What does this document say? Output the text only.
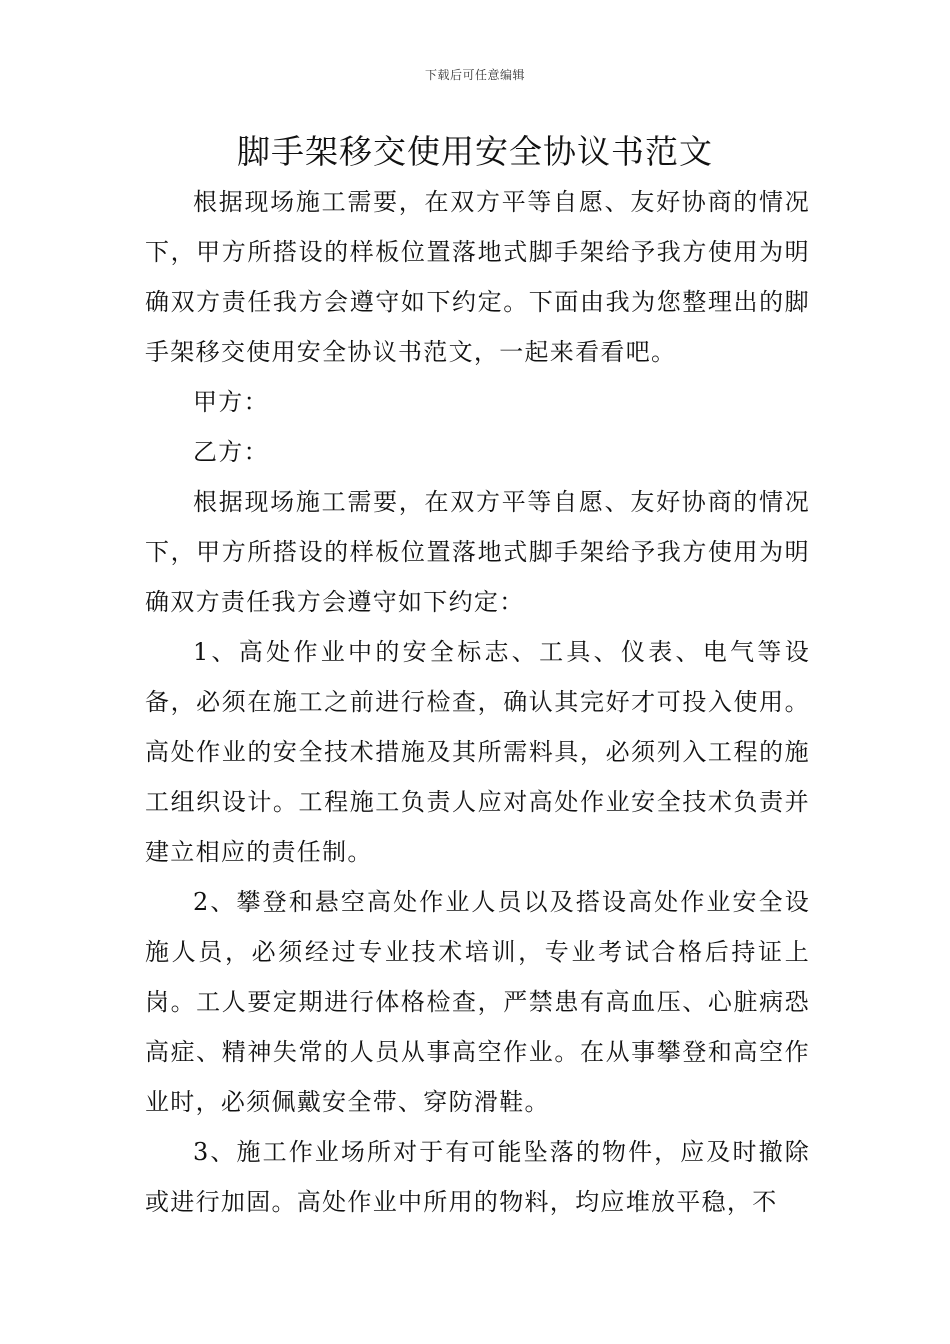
下载后可任意编辑
脚手架移交使用安全协议书范文

根据现场施工需要，在双方平等自愿、友好协商的情况下，甲方所搭设的样板位置落地式脚手架给予我方使用为明确双方责任我方会遵守如下约定。下面由我为您整理出的脚手架移交使用安全协议书范文，一起来看看吧。

甲方：

乙方：

根据现场施工需要，在双方平等自愿、友好协商的情况下，甲方所搭设的样板位置落地式脚手架给予我方使用为明确双方责任我方会遵守如下约定：

1、高处作业中的安全标志、工具、仪表、电气等设备，必须在施工之前进行检查，确认其完好才可投入使用。高处作业的安全技术措施及其所需料具，必须列入工程的施工组织设计。工程施工负责人应对高处作业安全技术负责并建立相应的责任制。

2、攀登和悬空高处作业人员以及搭设高处作业安全设施人员，必须经过专业技术培训，专业考试合格后持证上岗。工人要定期进行体格检查，严禁患有高血压、心脏病恐高症、精神失常的人员从事高空作业。在从事攀登和高空作业时，必须佩戴安全带、穿防滑鞋。

3、施工作业场所对于有可能坠落的物件，应及时撤除或进行加固。高处作业中所用的物料，均应堆放平稳，不
